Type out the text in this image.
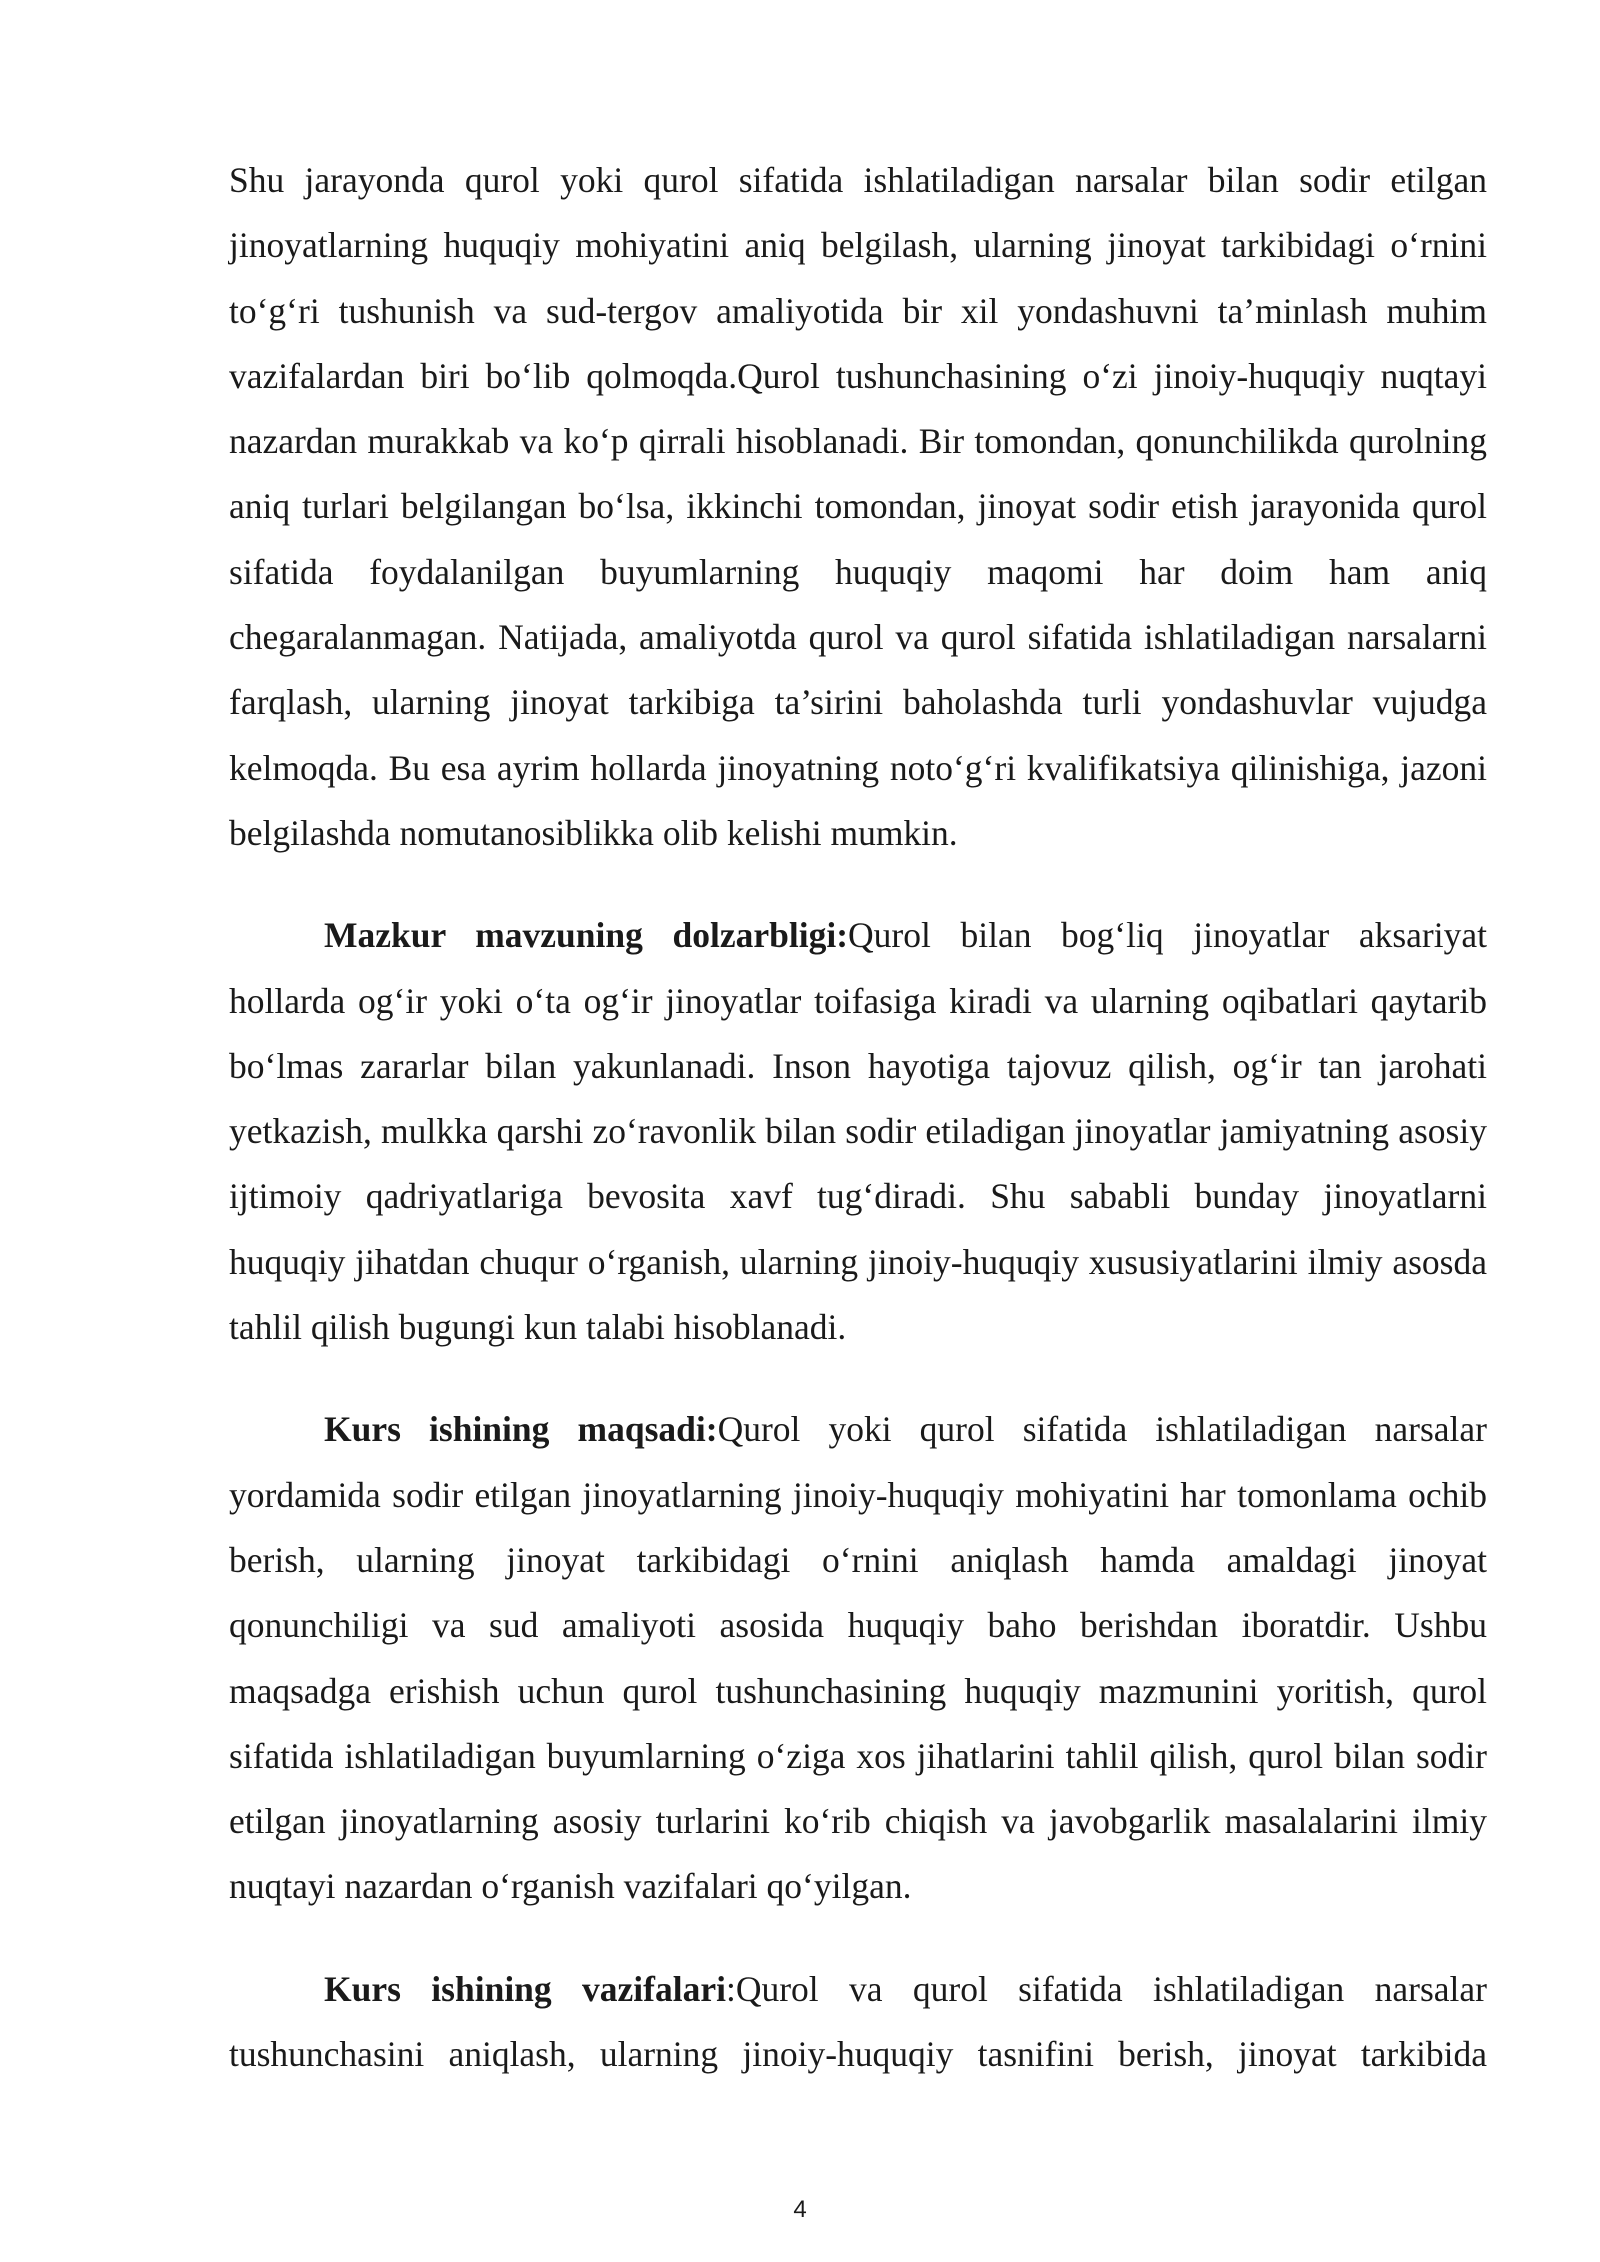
Shu jarayonda qurol yoki qurol sifatida ishlatiladigan narsalar bilan sodir etilgan jinoyatlarning huquqiy mohiyatini aniq belgilash, ularning jinoyat tarkibidagi o‘rnini to‘g‘ri tushunish va sud-tergov amaliyotida bir xil yondashuvni ta’minlash muhim vazifalardan biri bo‘lib qolmoqda.Qurol tushunchasining o‘zi jinoiy-huquqiy nuqtayi nazardan murakkab va ko‘p qirrali hisoblanadi. Bir tomondan, qonunchilikda qurolning aniq turlari belgilangan bo‘lsa, ikkinchi tomondan, jinoyat sodir etish jarayonida qurol sifatida foydalanilgan buyumlarning huquqiy maqomi har doim ham aniq chegaralanmagan. Natijada, amaliyotda qurol va qurol sifatida ishlatiladigan narsalarni farqlash, ularning jinoyat tarkibiga ta’sirini baholashda turli yondashuvlar vujudga kelmoqda. Bu esa ayrim hollarda jinoyatning noto‘g‘ri kvalifikatsiya qilinishiga, jazoni belgilashda nomutanosiblikka olib kelishi mumkin.

Mazkur mavzuning dolzarbligi:Qurol bilan bog‘liq jinoyatlar aksariyat hollarda og‘ir yoki o‘ta og‘ir jinoyatlar toifasiga kiradi va ularning oqibatlari qaytarib bo‘lmas zararlar bilan yakunlanadi. Inson hayotiga tajovuz qilish, og‘ir tan jarohati yetkazish, mulkka qarshi zo‘ravonlik bilan sodir etiladigan jinoyatlar jamiyatning asosiy ijtimoiy qadriyatlariga bevosita xavf tug‘diradi. Shu sababli bunday jinoyatlarni huquqiy jihatdan chuqur o‘rganish, ularning jinoiy-huquqiy xususiyatlarini ilmiy asosda tahlil qilish bugungi kun talabi hisoblanadi.

Kurs ishining maqsadi:Qurol yoki qurol sifatida ishlatiladigan narsalar yordamida sodir etilgan jinoyatlarning jinoiy-huquqiy mohiyatini har tomonlama ochib berish, ularning jinoyat tarkibidagi o‘rnini aniqlash hamda amaldagi jinoyat qonunchiligi va sud amaliyoti asosida huquqiy baho berishdan iboratdir. Ushbu maqsadga erishish uchun qurol tushunchasining huquqiy mazmunini yoritish, qurol sifatida ishlatiladigan buyumlarning o‘ziga xos jihatlarini tahlil qilish, qurol bilan sodir etilgan jinoyatlarning asosiy turlarini ko‘rib chiqish va javobgarlik masalalarini ilmiy nuqtayi nazardan o‘rganish vazifalari qo‘yilgan.

Kurs ishining vazifalari:Qurol va qurol sifatida ishlatiladigan narsalar tushunchasini aniqlash, ularning jinoiy-huquqiy tasnifini berish, jinoyat tarkibida

4
